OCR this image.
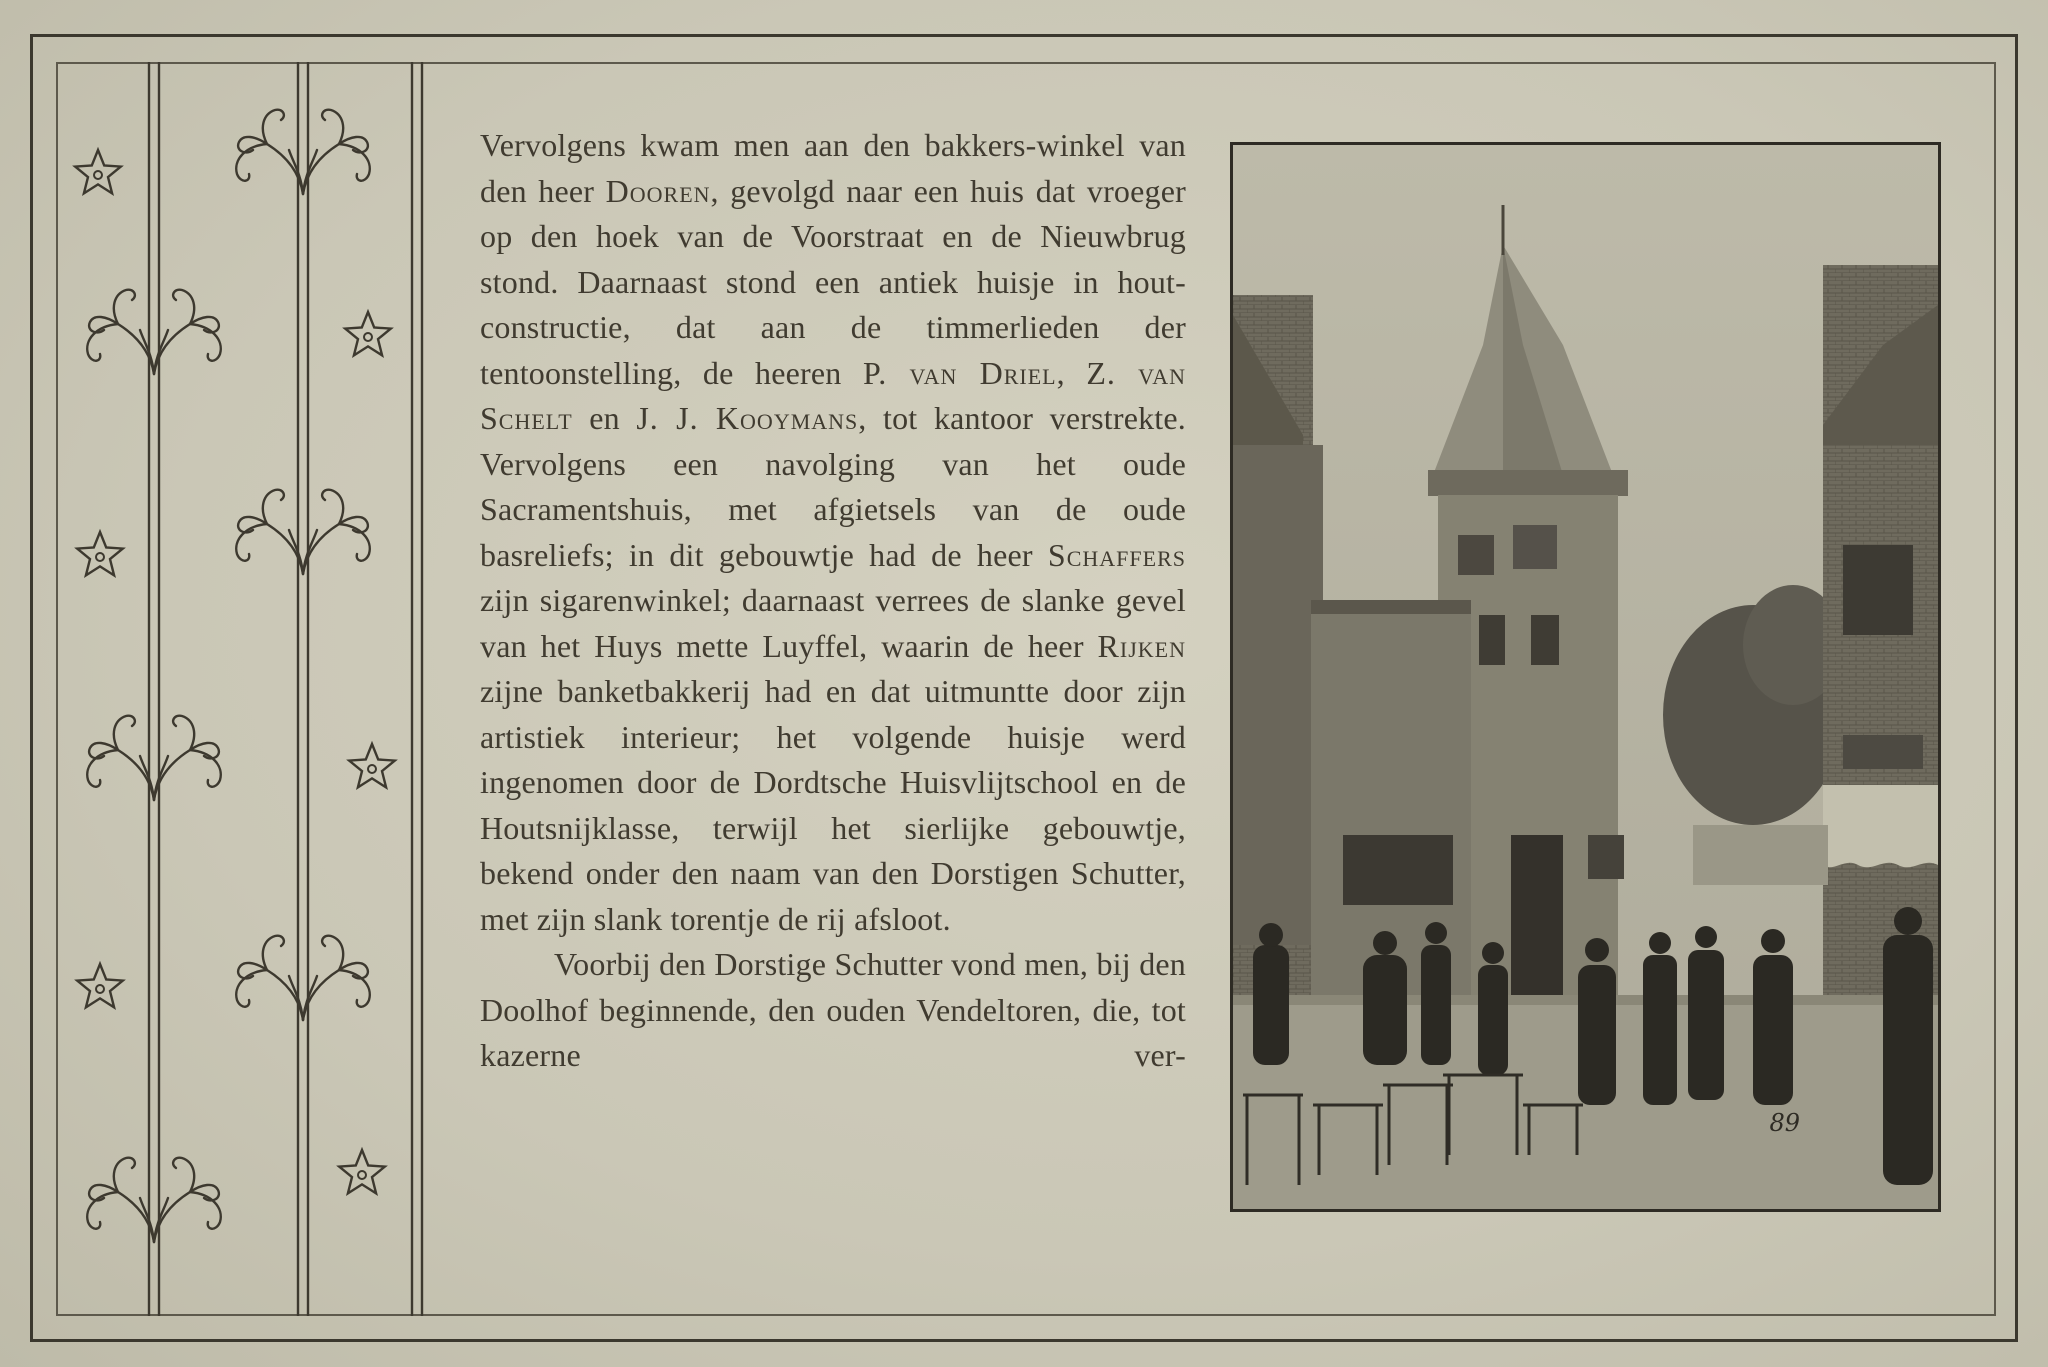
Vervolgens kwam men aan den bakkers-winkel van den heer Dooren, gevolgd naar een huis dat vroeger op den hoek van de Voorstraat en de Nieuwbrug stond. Daarnaast stond een antiek huisje in hout-constructie, dat aan de timmerlieden der tentoonstelling, de heeren P. van Driel, Z. van Schelt en J. J. Kooymans, tot kantoor verstrekte. Vervolgens een navolging van het oude Sacramentshuis, met afgietsels van de oude basreliefs; in dit gebouwtje had de heer Schaffers zijn sigarenwinkel; daarnaast verrees de slanke gevel van het Huys mette Luyffel, waarin de heer Rijken zijne banketbakkerij had en dat uitmuntte door zijn artistiek interieur; het volgende huisje werd ingenomen door de Dordtsche Huisvlijtschool en de Houtsnijklasse, terwijl het sierlijke gebouwtje, bekend onder den naam van den Dorstigen Schutter, met zijn slank torentje de rij afsloot.

Voorbij den Dorstige Schutter vond men, bij den Doolhof beginnende, den ouden Vendeltoren, die, tot kazerne ver-

89
